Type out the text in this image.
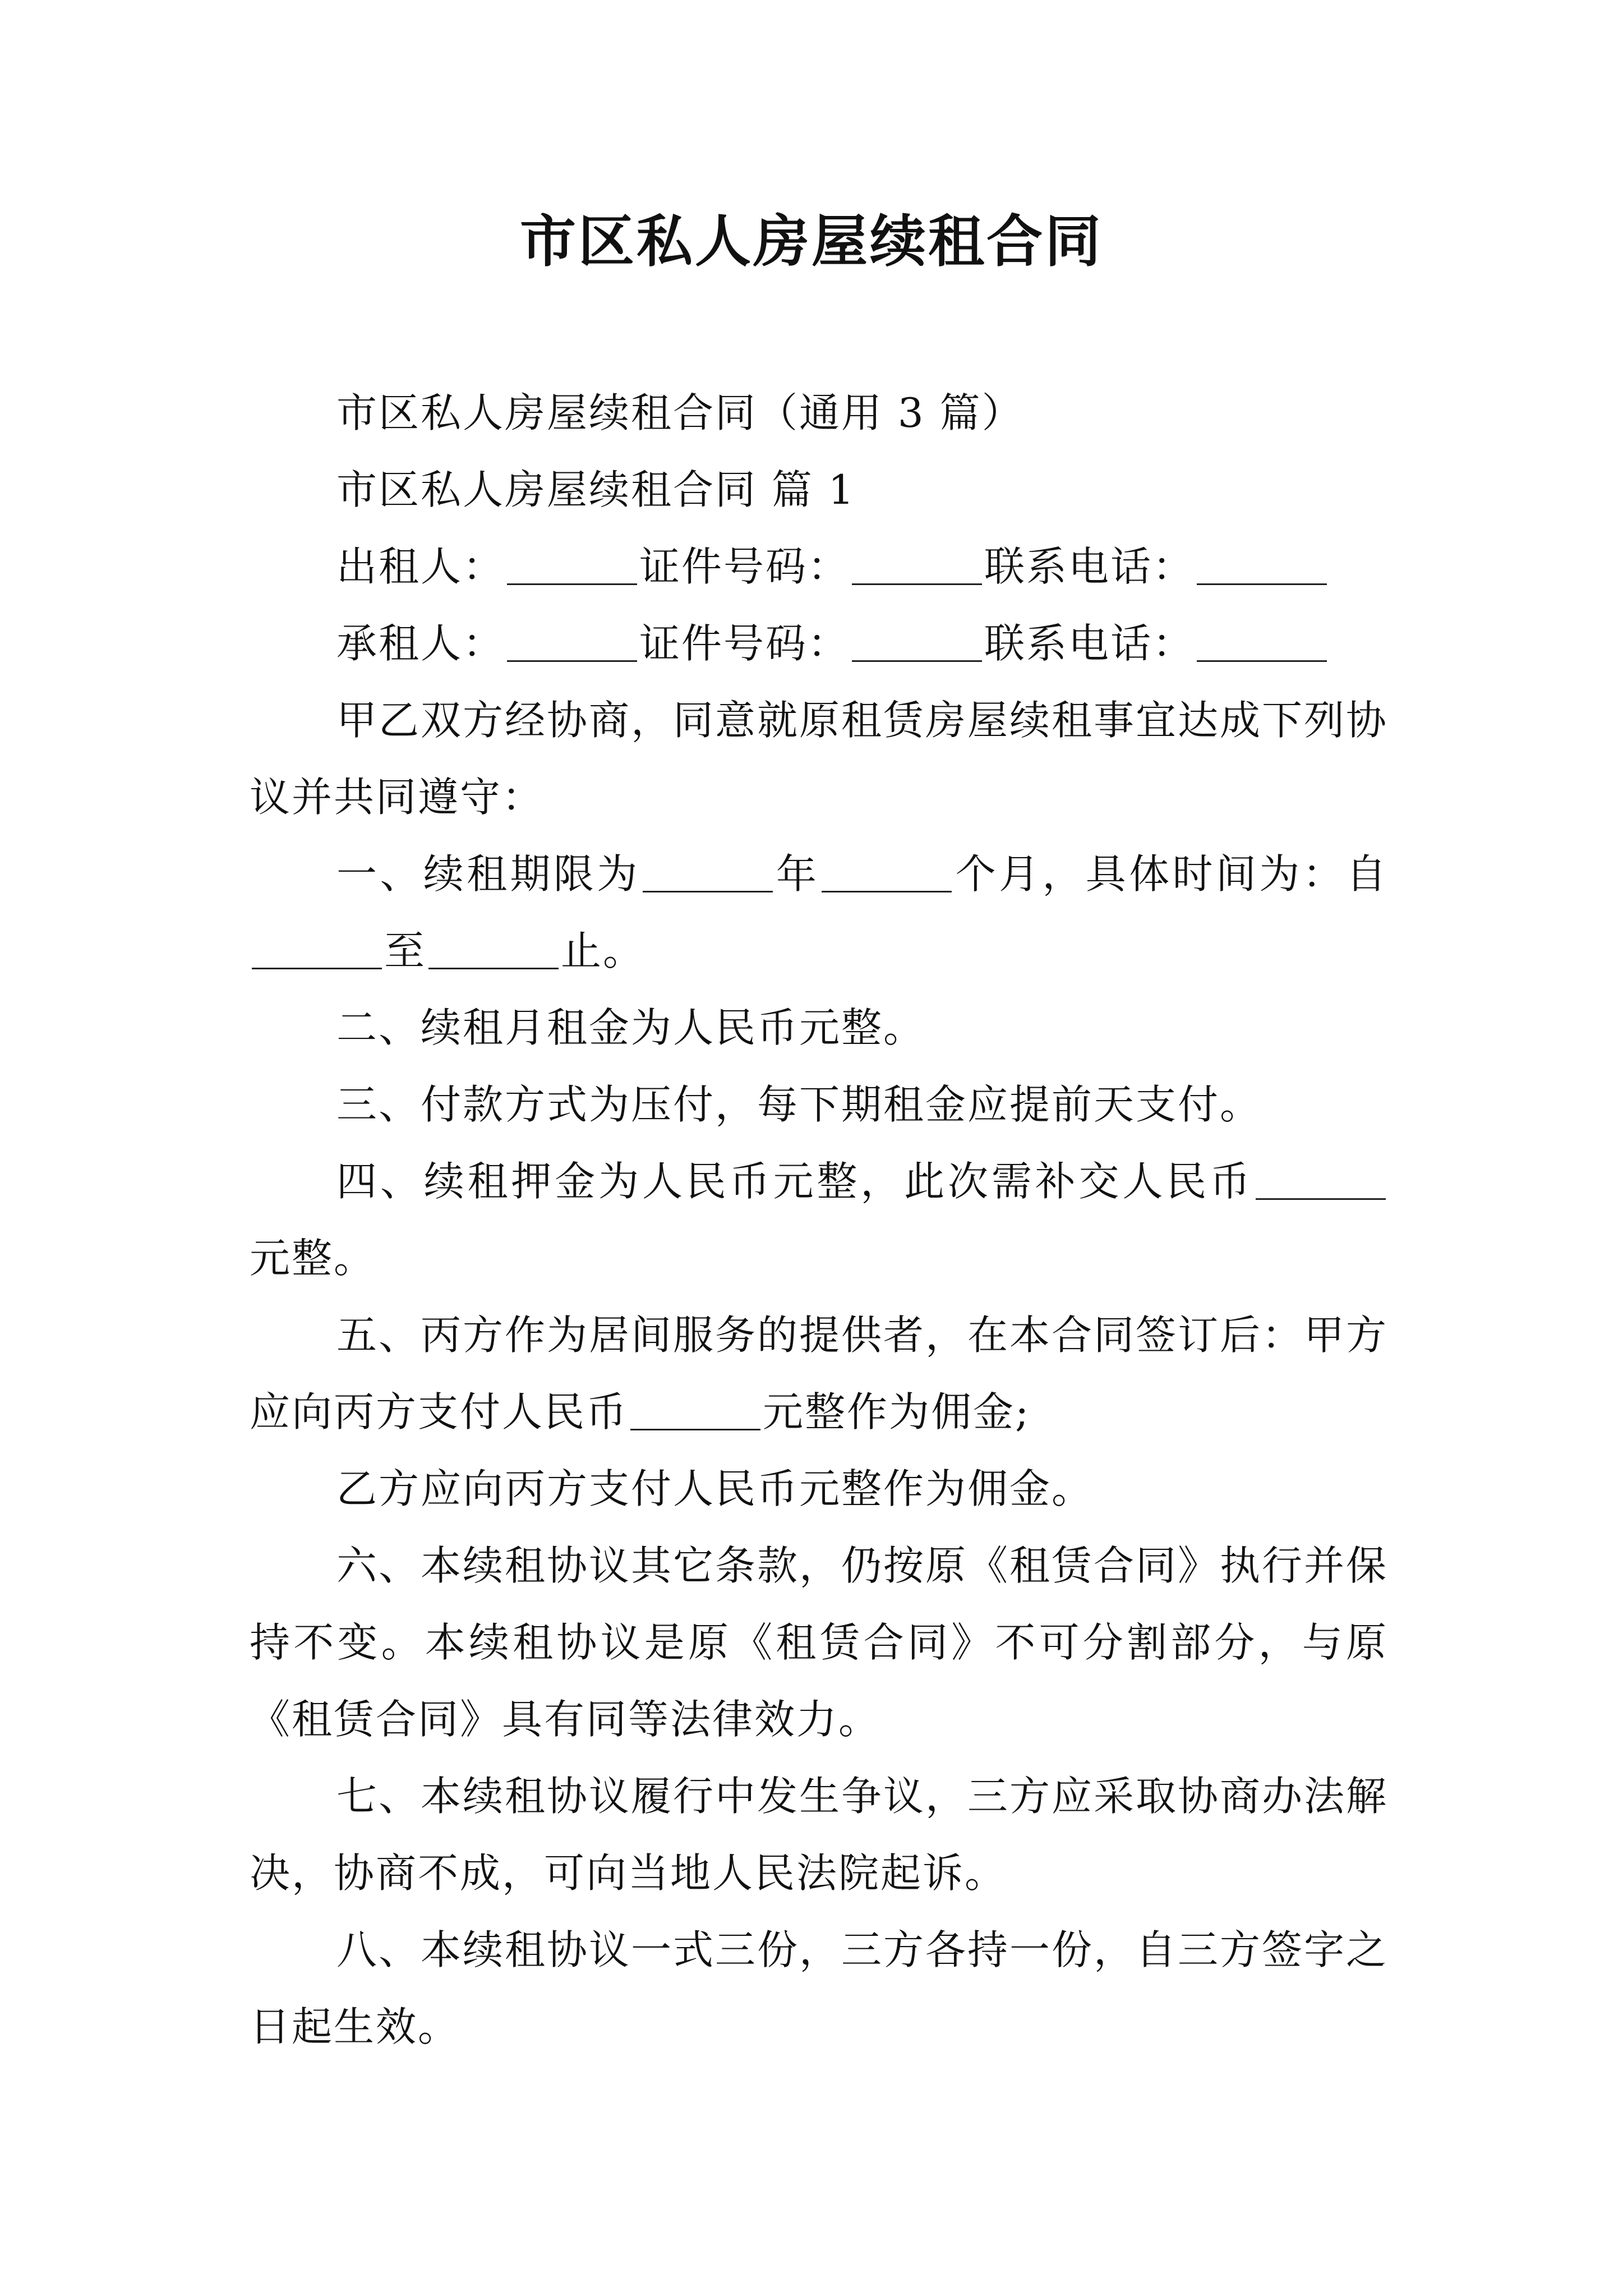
市区私人房屋续租合同

市区私人房屋续租合同（通用 3 篇）

市区私人房屋续租合同 篇 1

出租人：	证件号码：	联系电话：

承租人：	证件号码：	联系电话：

甲乙双方经协商，同意就原租赁房屋续租事宜达成下列协议并共同遵守：

一、续租期限为	年	个月，具体时间为：自至	止。

二、续租月租金为人民币元整。

三、付款方式为压付，每下期租金应提前天支付。

四、续租押金为人民币元整，此次需补交人民币元整。

五、丙方作为居间服务的提供者，在本合同签订后：甲方应向丙方支付人民币	元整作为佣金;

乙方应向丙方支付人民币元整作为佣金。

六、本续租协议其它条款，仍按原《租赁合同》执行并保持不变。本续租协议是原《租赁合同》不可分割部分，与原《租赁合同》具有同等法律效力。

七、本续租协议履行中发生争议，三方应采取协商办法解决，协商不成，可向当地人民法院起诉。

八、本续租协议一式三份，三方各持一份，自三方签字之日起生效。
